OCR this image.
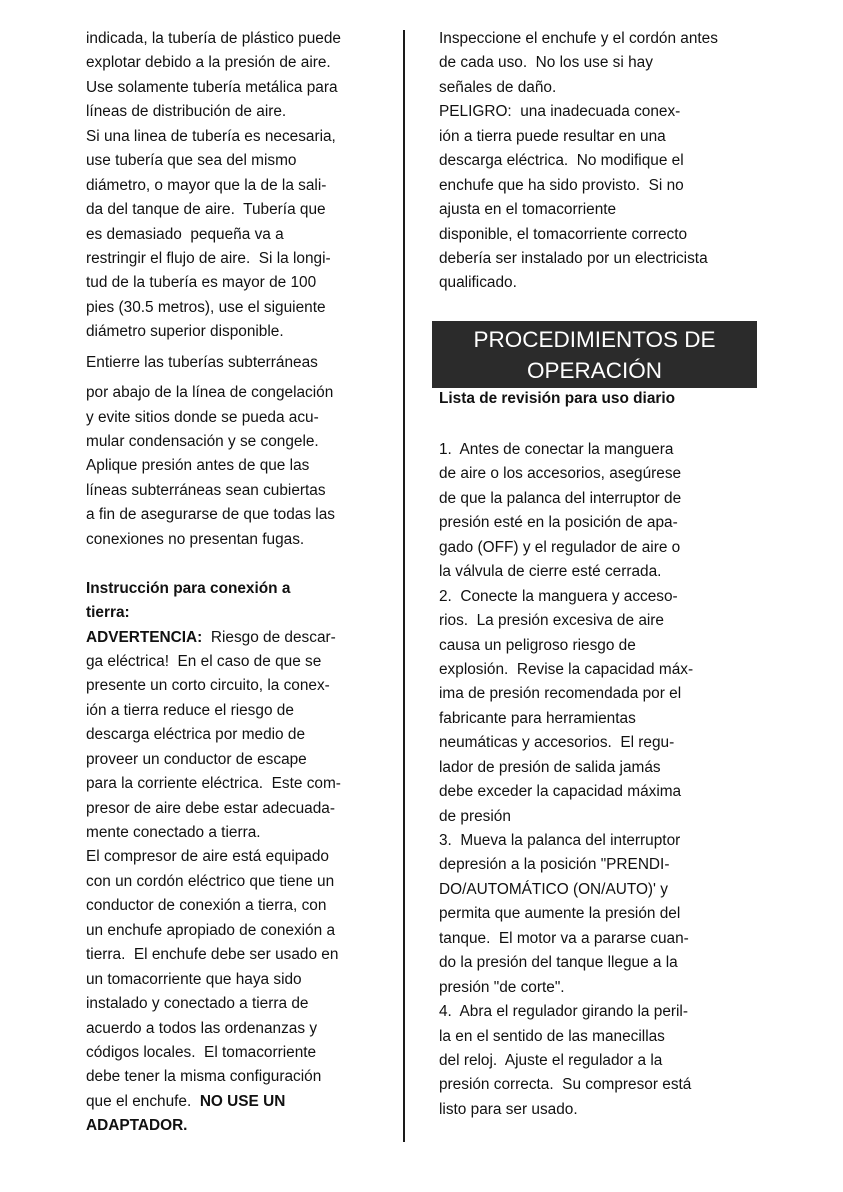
indicada, la tubería de plástico puede
explotar debido a la presión de aire.
Use solamente tubería metálica para
líneas de distribución de aire.
Si una linea de tubería es necesaria,
use tubería que sea del mismo
diámetro, o mayor que la de la sali-
da del tanque de aire.  Tubería que
es demasiado  pequeña va a
restringir el flujo de aire.  Si la longi-
tud de la tubería es mayor de 100
pies (30.5 metros), use el siguiente
diámetro superior disponible.
Entierre las tuberías subterráneas
por abajo de la línea de congelación
y evite sitios donde se pueda acu-
mular condensación y se congele.
Aplique presión antes de que las
líneas subterráneas sean cubiertas
a fin de asegurarse de que todas las
conexiones no presentan fugas.
Instrucción para conexión a
tierra:
ADVERTENCIA:  Riesgo de descar-
ga eléctrica!  En el caso de que se
presente un corto circuito, la conex-
ión a tierra reduce el riesgo de
descarga eléctrica por medio de
proveer un conductor de escape
para la corriente eléctrica.  Este com-
presor de aire debe estar adecuada-
mente conectado a tierra.
El compresor de aire está equipado
con un cordón eléctrico que tiene un
conductor de conexión a tierra, con
un enchufe apropiado de conexión a
tierra.  El enchufe debe ser usado en
un tomacorriente que haya sido
instalado y conectado a tierra de
acuerdo a todos las ordenanzas y
códigos locales.  El tomacorriente
debe tener la misma configuración
que el enchufe.  NO USE UN
ADAPTADOR.
Inspeccione el enchufe y el cordón antes
de cada uso.  No los use si hay
señales de daño.
PELIGRO:  una inadecuada conex-
ión a tierra puede resultar en una
descarga eléctrica.  No modifique el
enchufe que ha sido provisto.  Si no
ajusta en el tomacorriente
disponible, el tomacorriente correcto
debería ser instalado por un electricista
qualificado.
PROCEDIMIENTOS DE
OPERACIÓN
Lista de revisión para uso diario
1.  Antes de conectar la manguera
de aire o los accesorios, asegúrese
de que la palanca del interruptor de
presión esté en la posición de apa-
gado (OFF) y el regulador de aire o
la válvula de cierre esté cerrada.
2.  Conecte la manguera y acceso-
rios.  La presión excesiva de aire
causa un peligroso riesgo de
explosión.  Revise la capacidad máx-
ima de presión recomendada por el
fabricante para herramientas
neumáticas y accesorios.  El regu-
lador de presión de salida jamás
debe exceder la capacidad máxima
de presión
3.  Mueva la palanca del interruptor
depresión a la posición "PRENDI-
DO/AUTOMÁTICO (ON/AUTO)' y
permita que aumente la presión del
tanque.  El motor va a pararse cuan-
do la presión del tanque llegue a la
presión "de corte".
4.  Abra el regulador girando la peril-
la en el sentido de las manecillas
del reloj.  Ajuste el regulador a la
presión correcta.  Su compresor está
listo para ser usado.
